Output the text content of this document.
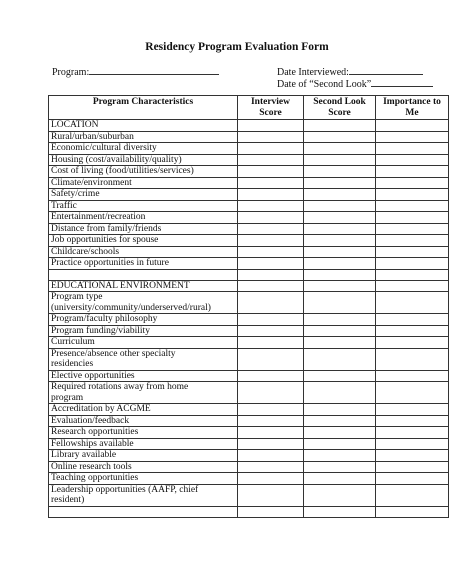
Residency Program Evaluation Form
Program:	Date Interviewed:
Date of “Second Look”
Program Characteristics	Interview Score	Second Look Score	Importance to Me
LOCATION			
Rural/urban/suburban			
Economic/cultural diversity			
Housing (cost/availability/quality)			
Cost of living (food/utilities/services)			
Climate/environment			
Safety/crime			
Traffic			
Entertainment/recreation			
Distance from family/friends			
Job opportunities for spouse			
Childcare/schools			
Practice opportunities in future			

EDUCATIONAL ENVIRONMENT			
Program type
(university/community/underserved/rural)			
Program/faculty philosophy			
Program funding/viability			
Curriculum			
Presence/absence other specialty
residencies			
Elective opportunities			
Required rotations away from home
program			
Accreditation by ACGME			
Evaluation/feedback			
Research opportunities			
Fellowships available			
Library available			
Online research tools			
Teaching opportunities			
Leadership opportunities (AAFP, chief
resident)			
